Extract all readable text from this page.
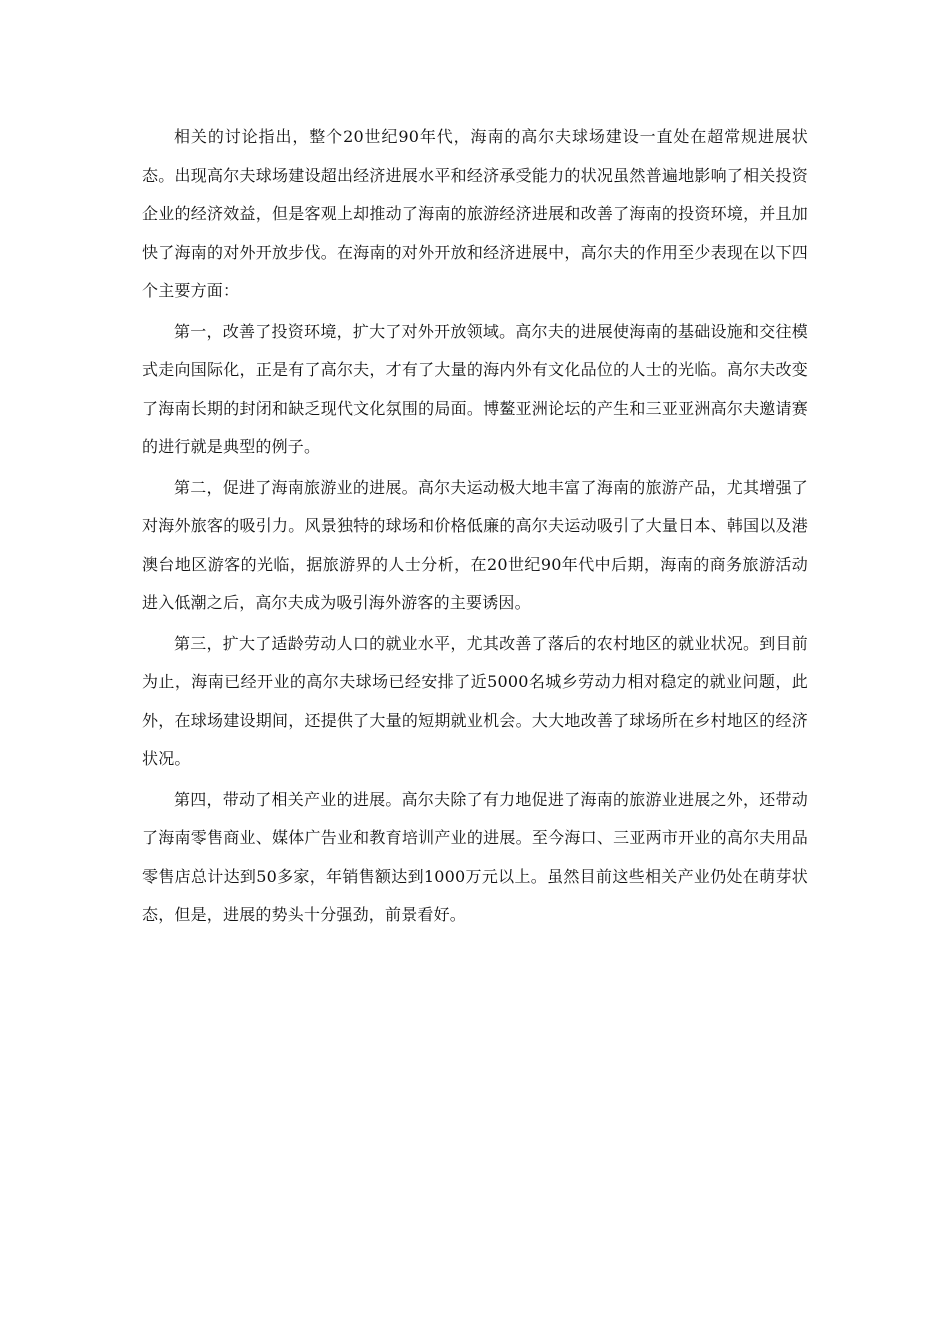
相关的讨论指出，整个20世纪90年代，海南的高尔夫球场建设一直处在超常规进展状态。出现高尔夫球场建设超出经济进展水平和经济承受能力的状况虽然普遍地影响了相关投资企业的经济效益，但是客观上却推动了海南的旅游经济进展和改善了海南的投资环境，并且加快了海南的对外开放步伐。在海南的对外开放和经济进展中，高尔夫的作用至少表现在以下四个主要方面：

第一，改善了投资环境，扩大了对外开放领域。高尔夫的进展使海南的基础设施和交往模式走向国际化，正是有了高尔夫，才有了大量的海内外有文化品位的人士的光临。高尔夫改变了海南长期的封闭和缺乏现代文化氛围的局面。博鳌亚洲论坛的产生和三亚亚洲高尔夫邀请赛的进行就是典型的例子。

第二，促进了海南旅游业的进展。高尔夫运动极大地丰富了海南的旅游产品，尤其增强了对海外旅客的吸引力。风景独特的球场和价格低廉的高尔夫运动吸引了大量日本、韩国以及港澳台地区游客的光临，据旅游界的人士分析，在20世纪90年代中后期，海南的商务旅游活动进入低潮之后，高尔夫成为吸引海外游客的主要诱因。

第三，扩大了适龄劳动人口的就业水平，尤其改善了落后的农村地区的就业状况。到目前为止，海南已经开业的高尔夫球场已经安排了近5000名城乡劳动力相对稳定的就业问题，此外，在球场建设期间，还提供了大量的短期就业机会。大大地改善了球场所在乡村地区的经济状况。

第四，带动了相关产业的进展。高尔夫除了有力地促进了海南的旅游业进展之外，还带动了海南零售商业、媒体广告业和教育培训产业的进展。至今海口、三亚两市开业的高尔夫用品零售店总计达到50多家，年销售额达到1000万元以上。虽然目前这些相关产业仍处在萌芽状态，但是，进展的势头十分强劲，前景看好。
